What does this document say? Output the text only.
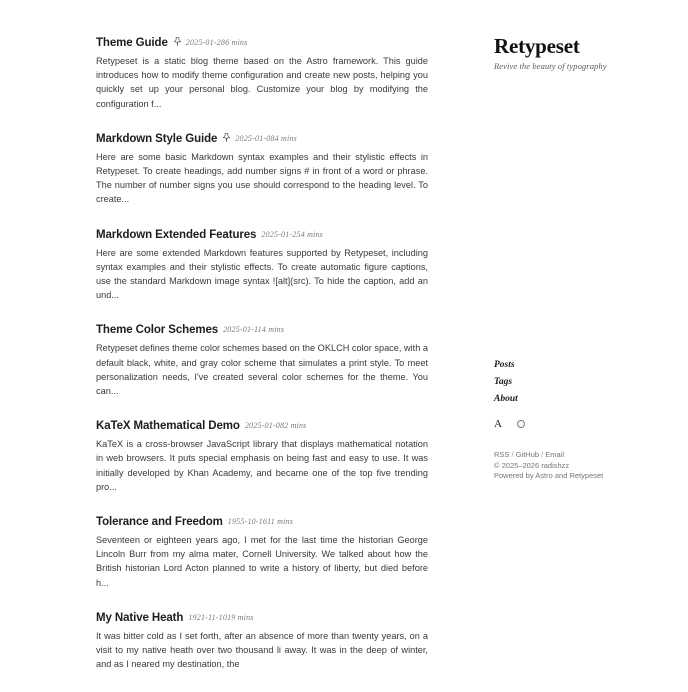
Theme Guide 2025-01-28 6 mins

Retypeset is a static blog theme based on the Astro framework. This guide introduces how to modify theme configuration and create new posts, helping you quickly set up your personal blog. Customize your blog by modifying the configuration f...

Markdown Style Guide 2025-01-08 4 mins

Here are some basic Markdown syntax examples and their stylistic effects in Retypeset. To create headings, add number signs # in front of a word or phrase. The number of number signs you use should correspond to the heading level. To create...

Markdown Extended Features 2025-01-25 4 mins

Here are some extended Markdown features supported by Retypeset, including syntax examples and their stylistic effects. To create automatic figure captions, use the standard Markdown image syntax ![alt](src). To hide the caption, add an und...

Theme Color Schemes 2025-01-11 4 mins

Retypeset defines theme color schemes based on the OKLCH color space, with a default black, white, and gray color scheme that simulates a print style. To meet personalization needs, I've created several color schemes for the theme. You can...

KaTeX Mathematical Demo 2025-01-08 2 mins

KaTeX is a cross-browser JavaScript library that displays mathematical notation in web browsers. It puts special emphasis on being fast and easy to use. It was initially developed by Khan Academy, and became one of the top five trending pro...

Tolerance and Freedom 1955-10-16 11 mins

Seventeen or eighteen years ago, I met for the last time the historian George Lincoln Burr from my alma mater, Cornell University. We talked about how the British historian Lord Acton planned to write a history of liberty, but died before h...

My Native Heath 1921-11-10 19 mins

It was bitter cold as I set forth, after an absence of more than twenty years, on a visit to my native heath over two thousand li away. It was in the deep of winter, and as I neared my destination, the

Retypeset
Revive the beauty of typography
Posts
Tags
About
A
RSS / GitHub / Email
© 2025–2026 radishzz
Powered by Astro and Retypeset
